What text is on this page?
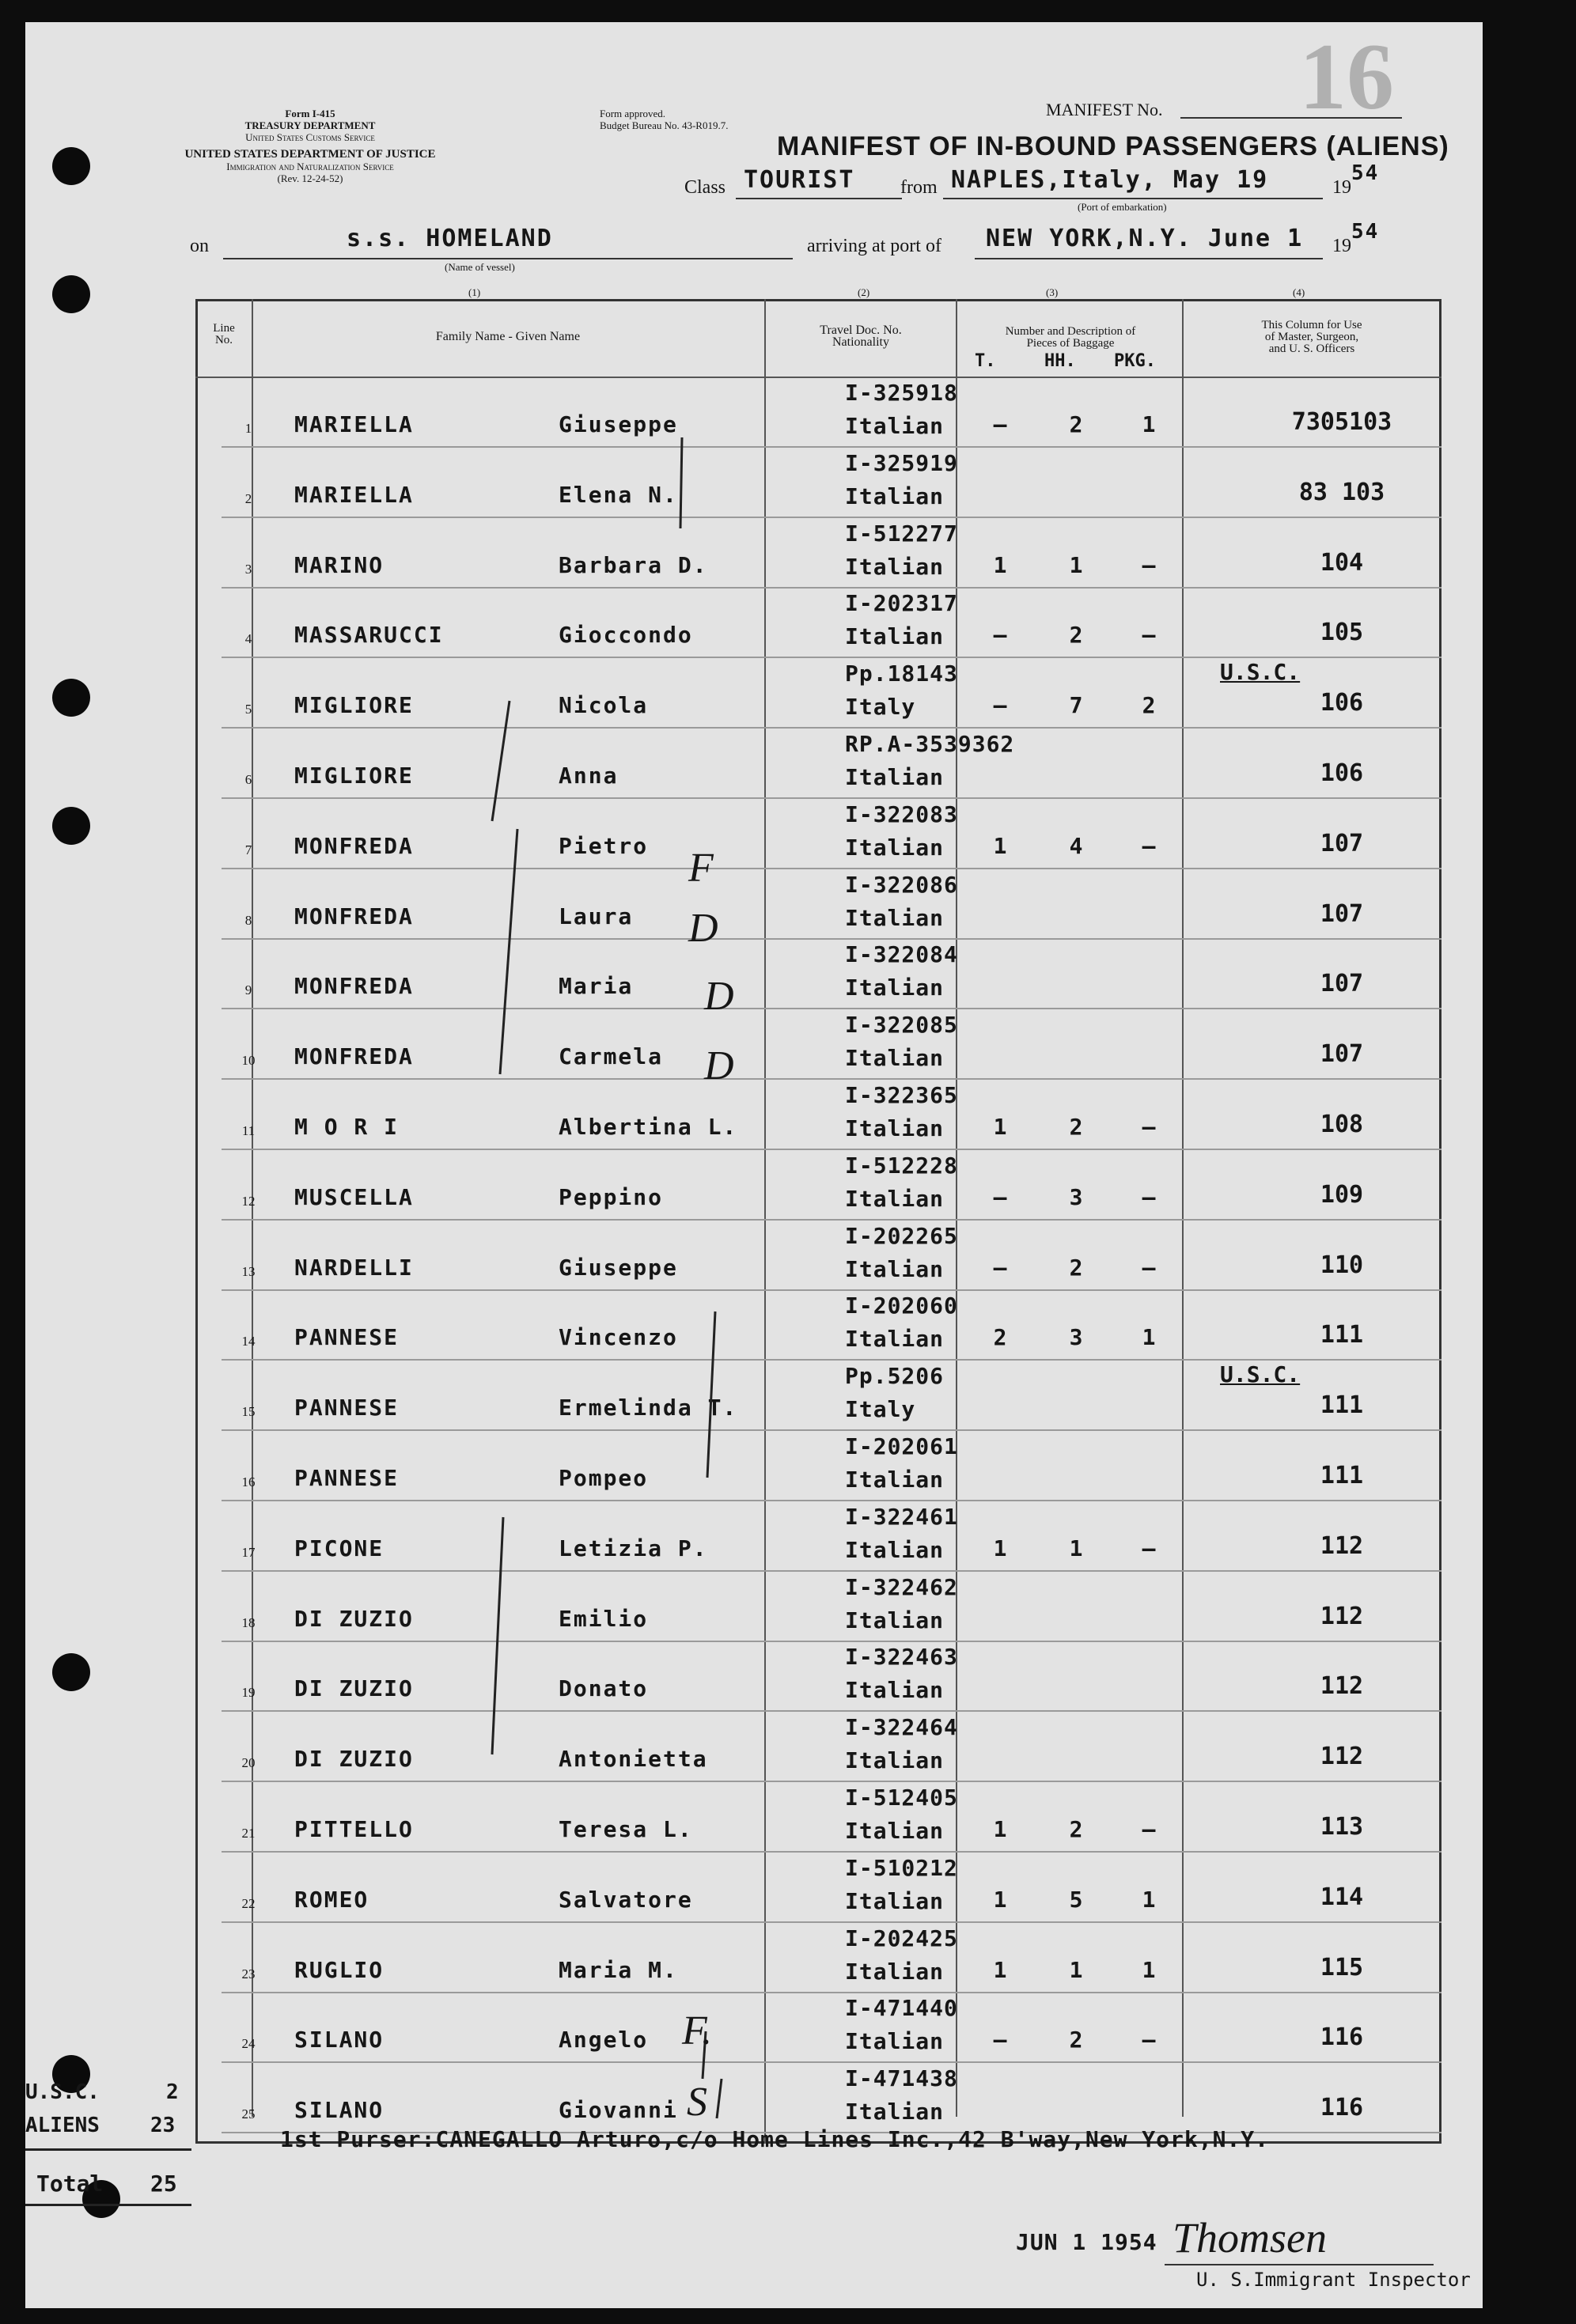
16
Form I-415
TREASURY DEPARTMENT
United States Customs Service
UNITED STATES DEPARTMENT OF JUSTICE
Immigration and Naturalization Service
(Rev. 12-24-52)
Form approved.
Budget Bureau No. 43-R019.7.
MANIFEST No.
MANIFEST OF IN-BOUND PASSENGERS (ALIENS)
Class TOURIST from NAPLES,Italy, May 19	19
54
(Port of embarkation)
on	s.s. HOMELAND
(Name of vessel)
arriving at port of NEW YORK,N.Y. June 1 19
54
(1)	(2)	(3)	(4)
Line
No.	Family Name - Given Name	Travel Doc. No.
Nationality
Number and Description of
Pieces of Baggage
T.	HH. PKG.
This Column for Use
of Master, Surgeon,
and U. S. Officers
1	MARIELLA	Giuseppe
I-325918
Italian	–	2	1	7305103
2	MARIELLA	Elena N.
I-325919
Italian	83 103
3	MARINO	Barbara D.
I-512277
Italian	1	1	–	104
4	MASSARUCCI	Gioccondo
I-202317
Italian	–	2	–	105
5	MIGLIORE	Nicola
Pp.18143
Italy	–	7	2	106
U.S.C.
6	MIGLIORE	Anna
RP.A-3539362
Italian	106
7	MONFREDA	Pietro
I-322083
Italian	1	4	–	107
8	MONFREDA	Laura
I-322086
Italian	107
9	MONFREDA	Maria
I-322084
Italian	107
10	MONFREDA	Carmela
I-322085
Italian	107
11	M O R I	Albertina L.
I-322365
Italian	1	2	–	108
12	MUSCELLA	Peppino
I-512228
Italian	–	3	–	109
13	NARDELLI	Giuseppe
I-202265
Italian	–	2	–	110
14	PANNESE	Vincenzo
I-202060
Italian	2	3	1	111
15	PANNESE	Ermelinda T.
Pp.5206
Italy	111
U.S.C.
16	PANNESE	Pompeo
I-202061
Italian	111
17	PICONE	Letizia P.
I-322461
Italian	1	1	–	112
18	DI ZUZIO	Emilio
I-322462
Italian	112
19	DI ZUZIO	Donato
I-322463
Italian	112
20	DI ZUZIO	Antonietta
I-322464
Italian	112
21	PITTELLO	Teresa L.
I-512405
Italian	1	2	–	113
22	ROMEO	Salvatore
I-510212
Italian	1	5	1	114
23	RUGLIO	Maria M.
I-202425
Italian	1	1	1	115
24	SILANO	Angelo
I-471440
Italian	–	2	–	116
25	SILANO	Giovanni
I-471438
Italian	116
1st Purser:CANEGALLO Arturo,c/o Home Lines Inc.,42 B'way,New York,N.Y.
F
D
D
D
F.
S
U.S.C.	2
ALIENS 23
Total 25
JUN 1 1954 Thomsen
U. S.Immigrant Inspector
